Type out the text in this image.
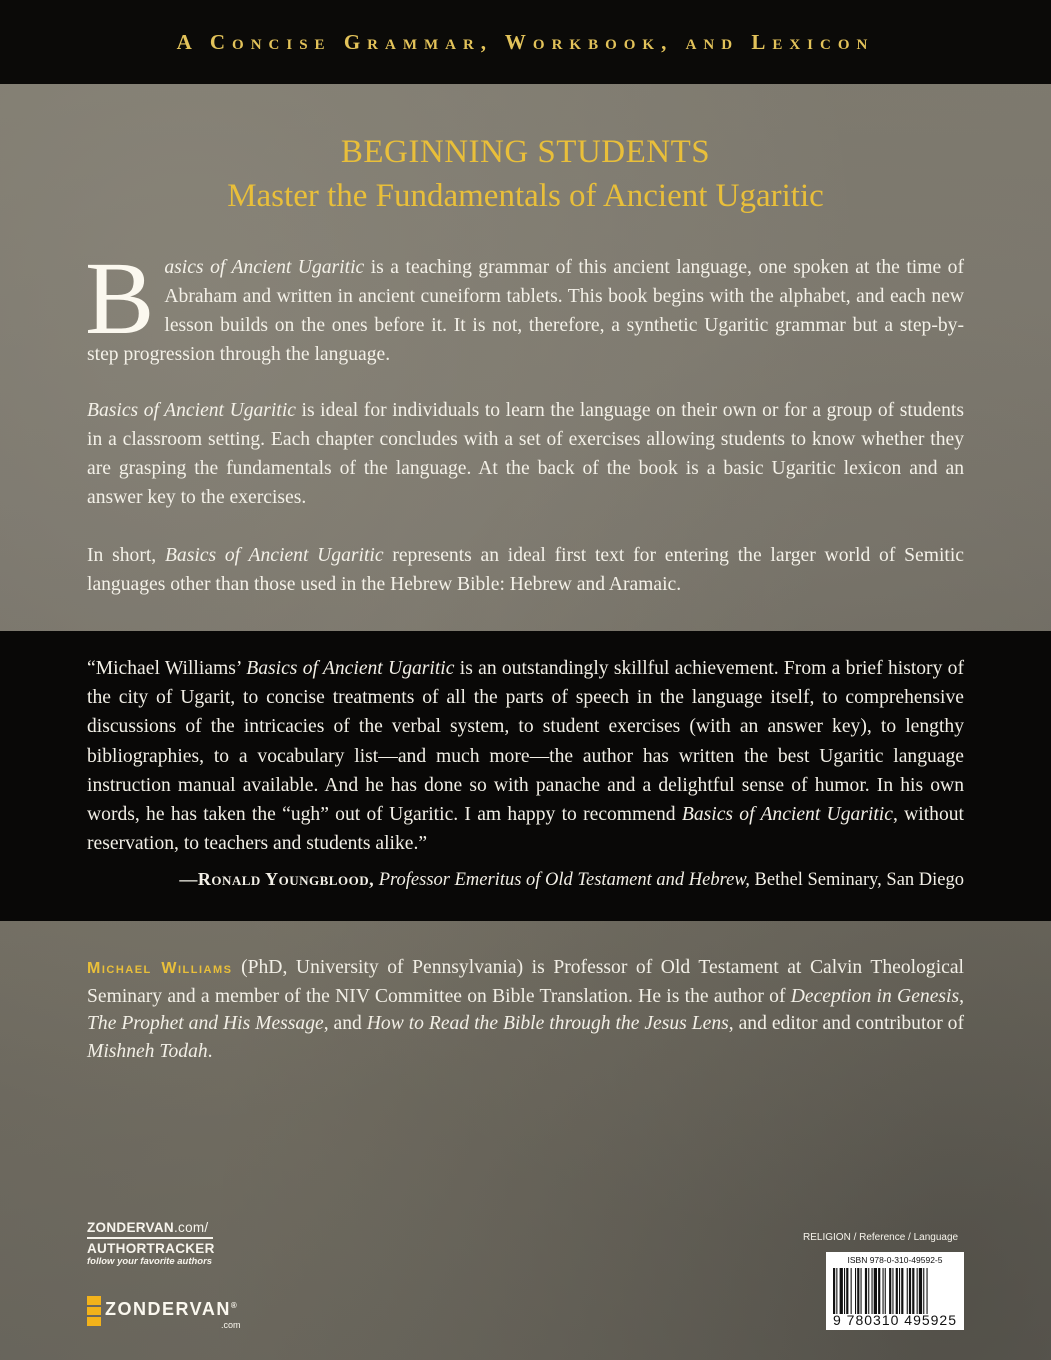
A Concise Grammar, Workbook, and Lexicon
BEGINNING STUDENTS
Master the Fundamentals of Ancient Ugaritic

Basics of Ancient Ugaritic is a teaching grammar of this ancient language, one spoken at the time of Abraham and written in ancient cuneiform tablets. This book begins with the alphabet, and each new lesson builds on the ones before it. It is not, therefore, a synthetic Ugaritic grammar but a step-by-step progression through the language.

Basics of Ancient Ugaritic is ideal for individuals to learn the language on their own or for a group of students in a classroom setting. Each chapter concludes with a set of exercises allowing students to know whether they are grasping the fundamentals of the language. At the back of the book is a basic Ugaritic lexicon and an answer key to the exercises.

In short, Basics of Ancient Ugaritic represents an ideal first text for entering the larger world of Semitic languages other than those used in the Hebrew Bible: Hebrew and Aramaic.

“Michael Williams’ Basics of Ancient Ugaritic is an outstandingly skillful achievement. From a brief history of the city of Ugarit, to concise treatments of all the parts of speech in the language itself, to comprehensive discussions of the intricacies of the verbal system, to student exercises (with an answer key), to lengthy bibliographies, to a vocabulary list—and much more—the author has written the best Ugaritic language instruction manual available. And he has done so with panache and a delightful sense of humor. In his own words, he has taken the “ugh” out of Ugaritic. I am happy to recommend Basics of Ancient Ugaritic, without reservation, to teachers and students alike.”

—Ronald Youngblood, Professor Emeritus of Old Testament and Hebrew, Bethel Seminary, San Diego

Michael Williams (PhD, University of Pennsylvania) is Professor of Old Testament at Calvin Theological Seminary and a member of the NIV Committee on Bible Translation. He is the author of Deception in Genesis, The Prophet and His Message, and How to Read the Bible through the Jesus Lens, and editor and contributor of Mishneh Todah.

ZONDERVAN.com/
AUTHORTRACKER
follow your favorite authors
ZONDERVAN®
.com
RELIGION / Reference / Language
ISBN 978-0-310-49592-5
9 780310 495925
